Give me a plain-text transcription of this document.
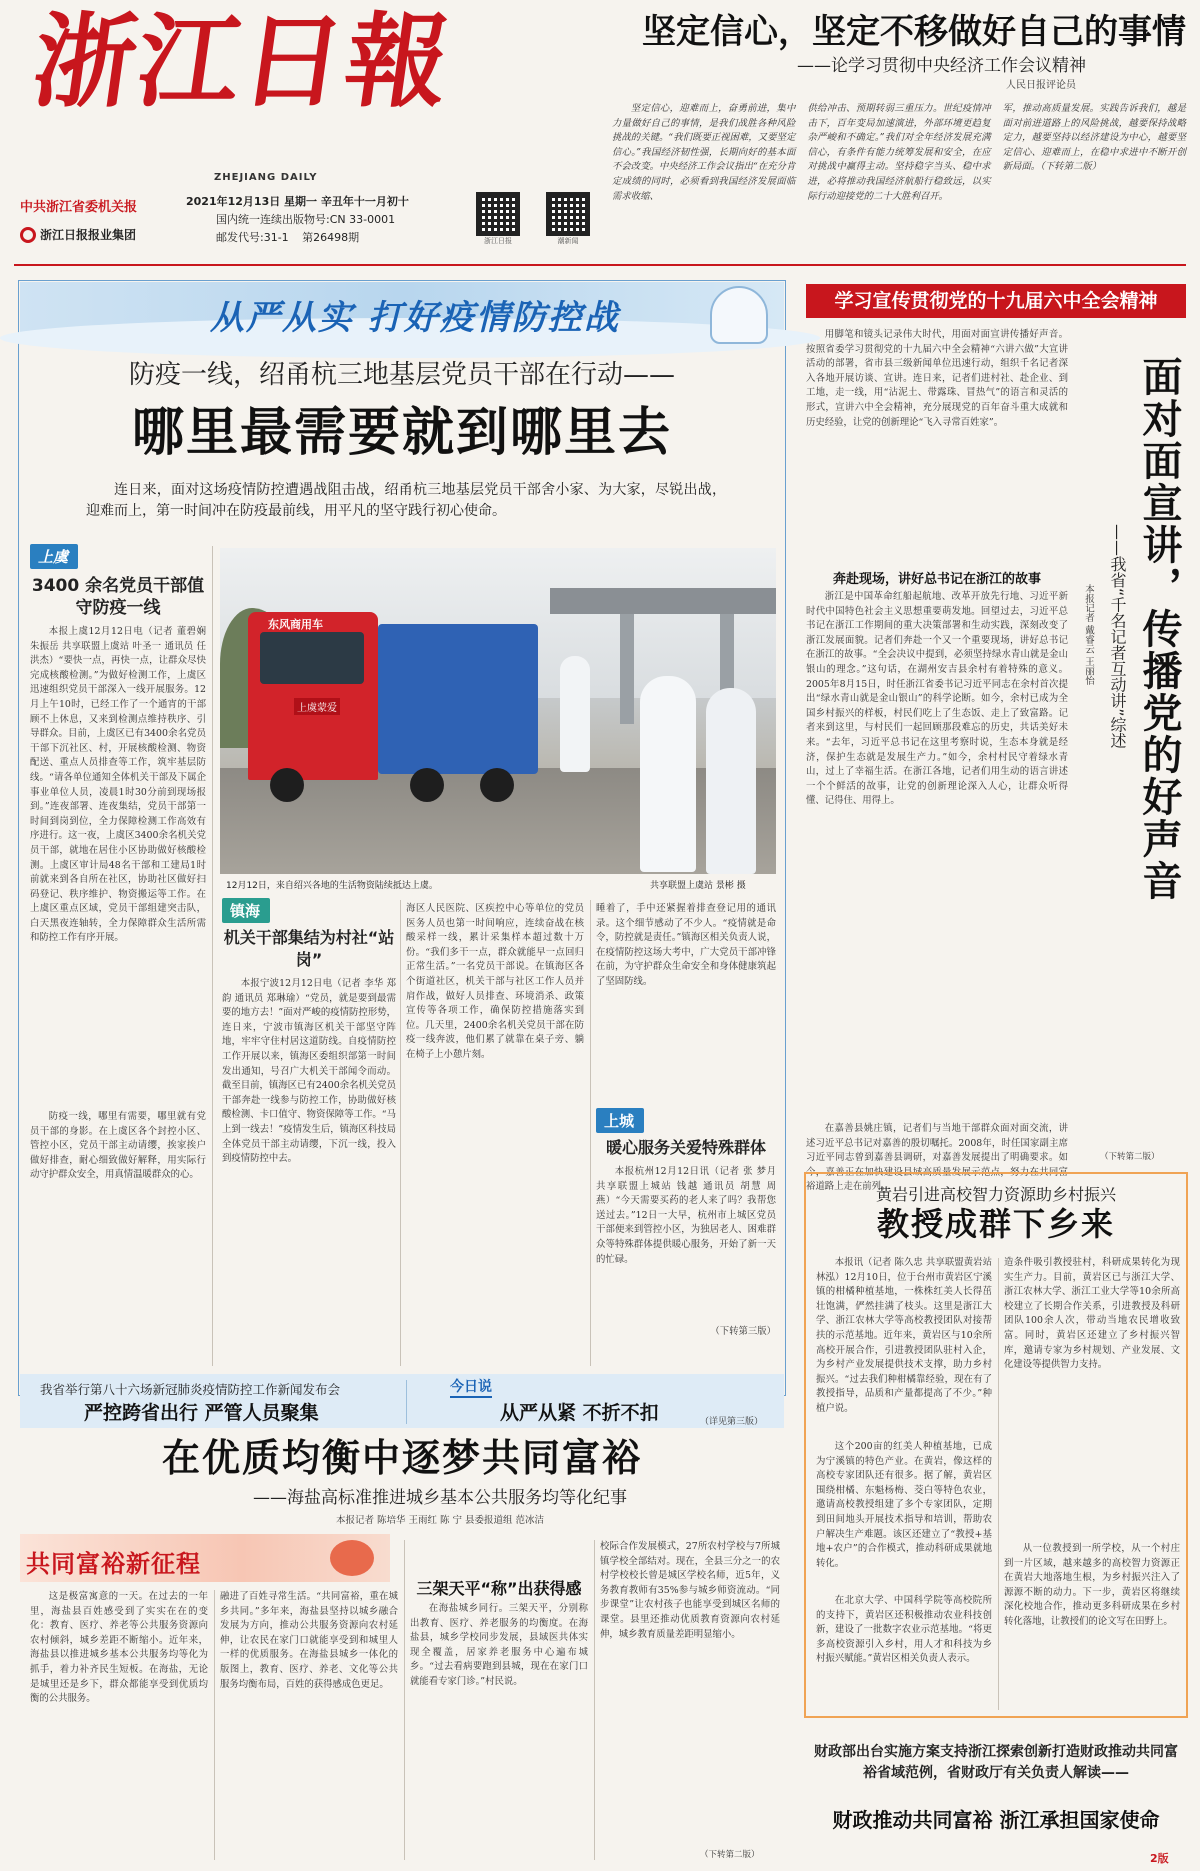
浙江日報
ZHEJIANG DAILY
中共浙江省委机关报
浙江日报报业集团
2021年12月13日 星期一 辛丑年十一月初十
国内统一连续出版物号:CN 33-0001
邮发代号:31-1 第26498期	浙江日报	潮新闻
坚定信心，坚定不移做好自己的事情
——论学习贯彻中央经济工作会议精神
人民日报评论员
坚定信心，迎难而上，奋勇前进，集中力量做好自己的事情，是我们战胜各种风险挑战的关键。“我们既要正视困难，又要坚定信心。”我国经济韧性强，长期向好的基本面不会改变。中央经济工作会议指出“在充分肯定成绩的同时，必须看到我国经济发展面临需求收缩、
供给冲击、预期转弱三重压力。世纪疫情冲击下，百年变局加速演进，外部环境更趋复杂严峻和不确定。”我们对全年经济发展充满信心，有条件有能力统筹发展和安全，在应对挑战中赢得主动。坚持稳字当头、稳中求进，必将推动我国经济航船行稳致远，以实际行动迎接党的二十大胜利召开。
军，推动高质量发展。实践告诉我们，越是面对前进道路上的风险挑战，越要保持战略定力，越要坚持以经济建设为中心，越要坚定信心、迎难而上，在稳中求进中不断开创新局面。（下转第二版）
从严从实 打好疫情防控战
防疫一线，绍甬杭三地基层党员干部在行动——
哪里最需要就到哪里去
连日来，面对这场疫情防控遭遇战阻击战，绍甬杭三地基层党员干部舍小家、为大家，尽锐出战，迎难而上，第一时间冲在防疫最前线，用平凡的坚守践行初心使命。
上虞
3400 余名党员干部值守防疫一线
本报上虞12月12日电（记者 董碧娴 朱振岳 共享联盟上虞站 叶圣一 通讯员 任洪杰）“要快一点，再快一点，让群众尽快完成核酸检测。”为做好检测工作，上虞区迅速组织党员干部深入一线开展服务。12月上午10时，已经工作了一个通宵的干部顾不上休息，又来到检测点维持秩序、引导群众。目前，上虞区已有3400余名党员干部下沉社区、村，开展核酸检测、物资配送、重点人员排查等工作，筑牢基层防线。“请各单位通知全体机关干部及下属企事业单位人员，凌晨1时30分前到现场报到。”连夜部署、连夜集结，党员干部第一时间到岗到位，全力保障检测工作高效有序进行。这一夜，上虞区3400余名机关党员干部，就地在居住小区协助做好核酸检测。上虞区审计局48名干部和工建局1时前就来到各自所在社区，协助社区做好扫码登记、秩序维护、物资搬运等工作。在上虞区重点区域，党员干部组建突击队，白天黑夜连轴转，全力保障群众生活所需和防控工作有序开展。
防疫一线，哪里有需要，哪里就有党员干部的身影。在上虞区各个封控小区、管控小区，党员干部主动请缨，挨家挨户做好排查，耐心细致做好解释，用实际行动守护群众安全，用真情温暖群众的心。
东风商用车
上虞蒙爱
12月12日，来自绍兴各地的生活物资陆续抵达上虞。	共享联盟上虞站 景彬 摄
镇海
机关干部集结为村社“站岗”
本报宁波12月12日电（记者 李华 郑韵 通讯员 郑琳瑜）“党员，就是要到最需要的地方去！”面对严峻的疫情防控形势，连日来，宁波市镇海区机关干部坚守阵地，牢牢守住村居这道防线。自疫情防控工作开展以来，镇海区委组织部第一时间发出通知，号召广大机关干部闻令而动。截至目前，镇海区已有2400余名机关党员干部奔赴一线参与防控工作，协助做好核酸检测、卡口值守、物资保障等工作。“马上到一线去！”疫情发生后，镇海区科技局全体党员干部主动请缨，下沉一线，投入到疫情防控中去。
海区人民医院、区疾控中心等单位的党员医务人员也第一时间响应，连续奋战在核酸采样一线，累计采集样本超过数十万份。“我们多干一点，群众就能早一点回归正常生活。”一名党员干部说。在镇海区各个街道社区，机关干部与社区工作人员并肩作战，做好人员排查、环境消杀、政策宣传等各项工作，确保防控措施落实到位。几天里，2400余名机关党员干部在防疫一线奔波，他们累了就靠在桌子旁、躺在椅子上小憩片刻。
睡着了，手中还紧握着排查登记用的通讯录。这个细节感动了不少人。“疫情就是命令，防控就是责任。”镇海区相关负责人说，在疫情防控这场大考中，广大党员干部冲锋在前，为守护群众生命安全和身体健康筑起了坚固防线。
上城
暖心服务关爱特殊群体
本报杭州12月12日讯（记者 张 梦月 共享联盟上城站 钱越 通讯员 胡慧 周燕）“今天需要买药的老人来了吗？我帮您送过去。”12日一大早，杭州市上城区党员干部便来到管控小区，为独居老人、困难群众等特殊群体提供暖心服务，开始了新一天的忙碌。
（下转第三版）
我省举行第八十六场新冠肺炎疫情防控工作新闻发布会
严控跨省出行 严管人员聚集
今日说
从严从紧 不折不扣	（详见第三版）
学习宣传贯彻党的十九届六中全会精神
用脚笔和镜头记录伟大时代，用面对面宣讲传播好声音。按照省委学习贯彻党的十九届六中全会精神“六讲六做”大宣讲活动的部署，省市县三级新闻单位迅速行动，组织千名记者深入各地开展访谈、宣讲。连日来，记者们进村社、赴企业、到工地，走一线，用“沾泥土、带露珠、冒热气”的语言和灵活的形式，宣讲六中全会精神，充分展现党的百年奋斗重大成就和历史经验，让党的创新理论“飞入寻常百姓家”。
奔赴现场，讲好总书记在浙江的故事
浙江是中国革命红船起航地、改革开放先行地、习近平新时代中国特色社会主义思想重要萌发地。回望过去，习近平总书记在浙江工作期间的重大决策部署和生动实践，深刻改变了浙江发展面貌。记者们奔赴一个又一个重要现场，讲好总书记在浙江的故事。“全会决议中提到，必须坚持绿水青山就是金山银山的理念。”这句话，在湖州安吉县余村有着特殊的意义。2005年8月15日，时任浙江省委书记习近平同志在余村首次提出“绿水青山就是金山银山”的科学论断。如今，余村已成为全国乡村振兴的样板，村民们吃上了生态饭、走上了致富路。记者来到这里，与村民们一起回顾那段难忘的历史，共话美好未来。“去年，习近平总书记在这里考察时说，生态本身就是经济，保护生态就是发展生产力。”如今，余村村民守着绿水青山，过上了幸福生活。在浙江各地，记者们用生动的语言讲述一个个鲜活的故事，让党的创新理论深入人心，让群众听得懂、记得住、用得上。
在嘉善县姚庄镇，记者们与当地干部群众面对面交流，讲述习近平总书记对嘉善的殷切嘱托。2008年，时任国家副主席习近平同志曾到嘉善县调研，对嘉善发展提出了明确要求。如今，嘉善正在加快建设县域高质量发展示范点，努力在共同富裕道路上走在前列。
（下转第二版）
面对面宣讲，传播党的好声音
——我省“千名记者互动讲”综述
本报记者 戴睿云 王丽怡
黄岩引进高校智力资源助乡村振兴
教授成群下乡来
本报讯（记者 陈久忠 共享联盟黄岩站 林泓）12月10日，位于台州市黄岩区宁溪镇的柑橘种植基地，一株株红美人长得茁壮饱满，俨然挂满了枝头。这里是浙江大学、浙江农林大学等高校教授团队对接帮扶的示范基地。近年来，黄岩区与10余所高校开展合作，引进教授团队驻村入企，为乡村产业发展提供技术支撑，助力乡村振兴。“过去我们种柑橘靠经验，现在有了教授指导，品质和产量都提高了不少。”种植户说。
这个200亩的红美人种植基地，已成为宁溪镇的特色产业。在黄岩，像这样的高校专家团队还有很多。据了解，黄岩区围绕柑橘、东魁杨梅、茭白等特色农业，邀请高校教授组建了多个专家团队，定期到田间地头开展技术指导和培训，帮助农户解决生产难题。该区还建立了“教授+基地+农户”的合作模式，推动科研成果就地转化。
在北京大学、中国科学院等高校院所的支持下，黄岩区还积极推动农业科技创新，建设了一批数字农业示范基地。“将更多高校资源引入乡村，用人才和科技为乡村振兴赋能。”黄岩区相关负责人表示。
造条件吸引教授驻村，科研成果转化为现实生产力。目前，黄岩区已与浙江大学、浙江农林大学、浙江工业大学等10余所高校建立了长期合作关系，引进教授及科研团队100余人次，带动当地农民增收致富。同时，黄岩区还建立了乡村振兴智库，邀请专家为乡村规划、产业发展、文化建设等提供智力支持。
从一位教授到一所学校，从一个村庄到一片区域，越来越多的高校智力资源正在黄岩大地落地生根，为乡村振兴注入了源源不断的动力。下一步，黄岩区将继续深化校地合作，推动更多科研成果在乡村转化落地，让教授们的论文写在田野上。
在优质均衡中逐梦共同富裕
——海盐高标准推进城乡基本公共服务均等化纪事
本报记者 陈培华 王雨红 陈 宁 县委报道组 范冰洁
共同富裕新征程
这是极富寓意的一天。在过去的一年里，海盐县百姓感受到了实实在在的变化：教育、医疗、养老等公共服务资源向农村倾斜，城乡差距不断缩小。近年来，海盐县以推进城乡基本公共服务均等化为抓手，着力补齐民生短板。在海盐，无论是城里还是乡下，群众都能享受到优质均衡的公共服务。
融进了百姓寻常生活。“共同富裕，重在城乡共同。”多年来，海盐县坚持以城乡融合发展为方向，推动公共服务资源向农村延伸，让农民在家门口就能享受到和城里人一样的优质服务。在海盐县城乡一体化的版图上，教育、医疗、养老、文化等公共服务均衡布局，百姓的获得感成色更足。
三架天平“称”出获得感
在海盐城乡同行。三架天平，分别称出教育、医疗、养老服务的均衡度。在海盐县，城乡学校同步发展，县域医共体实现全覆盖，居家养老服务中心遍布城乡。“过去看病要跑到县城，现在在家门口就能看专家门诊。”村民说。
校际合作发展模式，27所农村学校与7所城镇学校全部结对。现在，全县三分之一的农村学校校长曾是城区学校名师，近5年，义务教育教师有35%参与城乡师资流动。“同步课堂”让农村孩子也能享受到城区名师的课堂。县里还推动优质教育资源向农村延伸，城乡教育质量差距明显缩小。
（下转第二版）
财政部出台实施方案支持浙江探索创新打造财政推动共同富裕省域范例，省财政厅有关负责人解读——
财政推动共同富裕 浙江承担国家使命
2版
